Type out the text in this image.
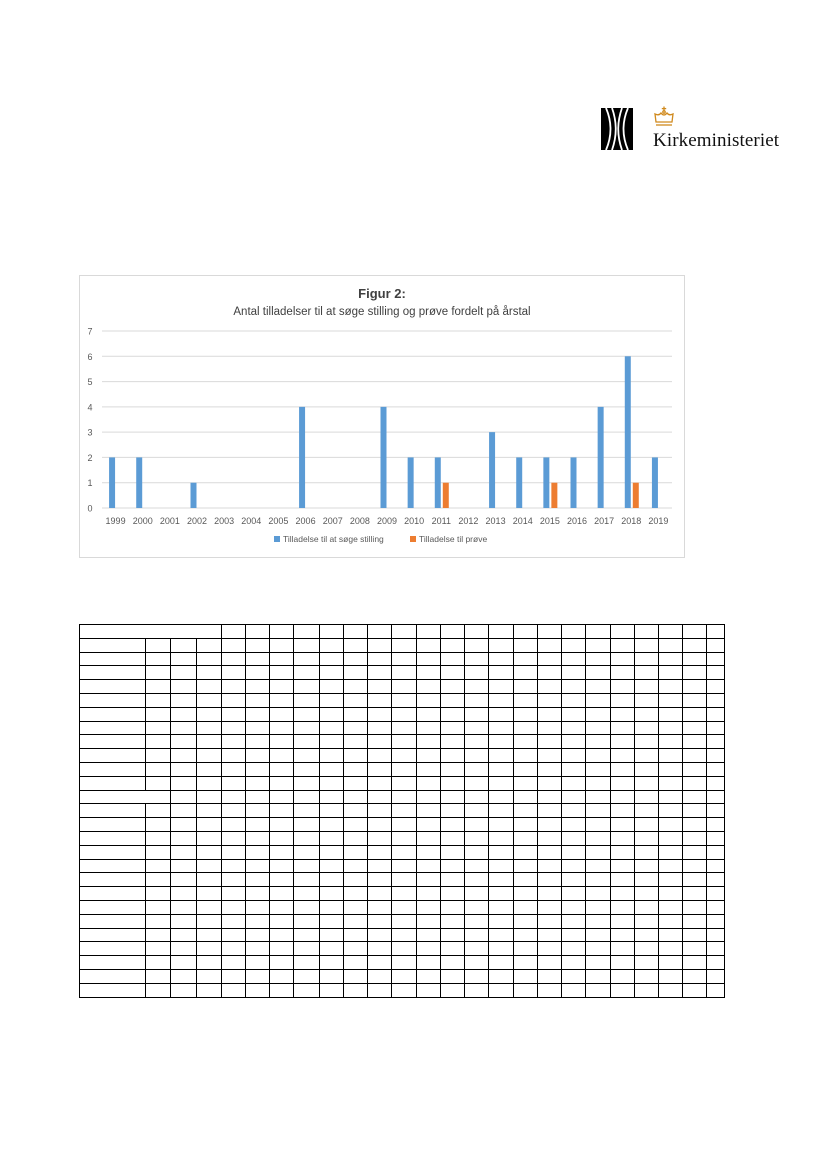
Kirkeministeriet
Figur 2:
Antal tilladelser til at søge stilling og prøve fordelt på årstal
0
1
2
3
4
5
6
7
1999 2000 2001 2002 2003 2004 2005 2006 2007 2008 2009 2010 2011 2012 2013 2014 2015 2016 2017 2018 2019
Tilladelse til at søge stilling	Tilladelse til prøve
